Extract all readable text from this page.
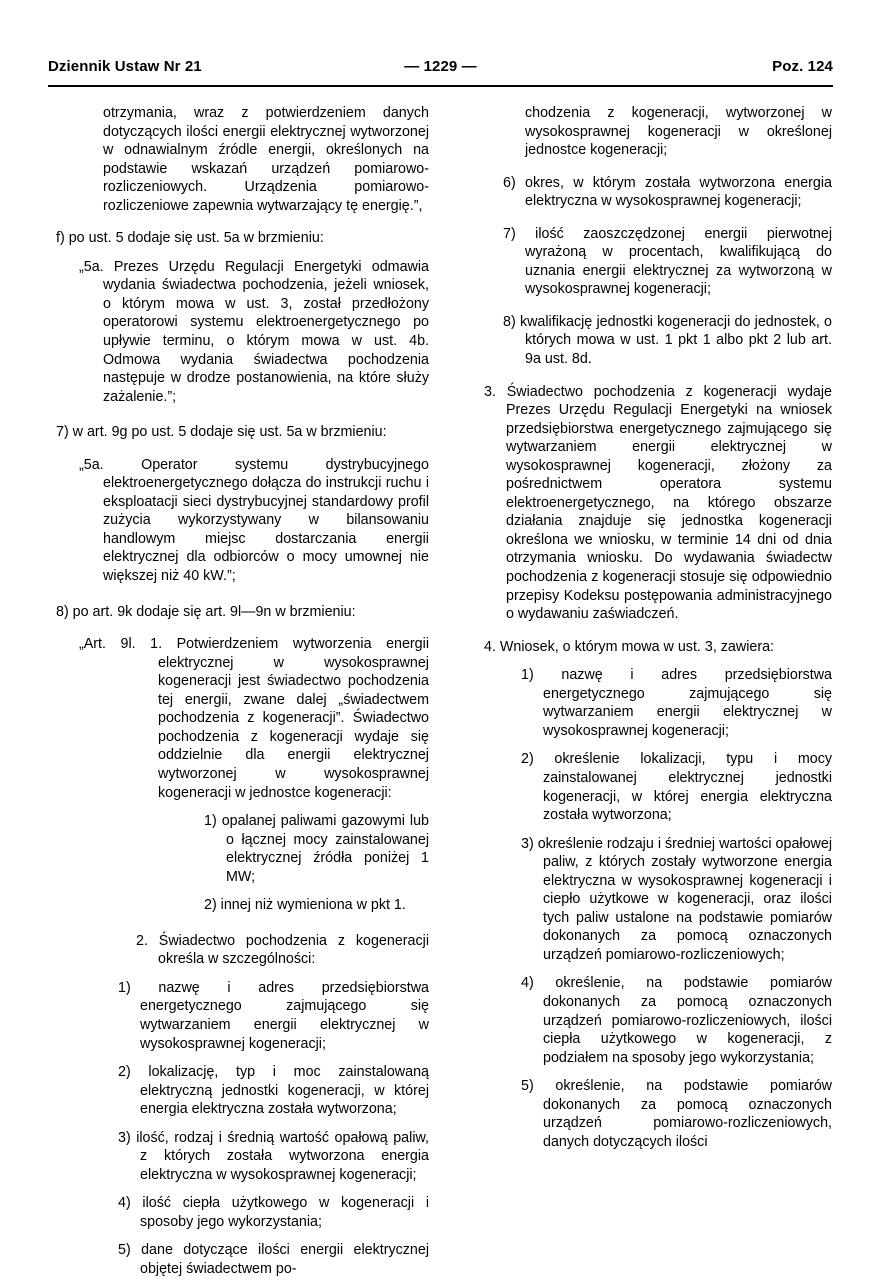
Dziennik Ustaw Nr 21	— 1229 —	Poz. 124

otrzymania, wraz z potwierdzeniem danych dotyczących ilości energii elektrycznej wytworzonej w odnawialnym źródle energii, określonych na podstawie wskazań urządzeń pomiarowo-rozliczeniowych. Urządzenia pomiarowo-rozliczeniowe zapewnia wytwarzający tę energię.”,

f) po ust. 5 dodaje się ust. 5a w brzmieniu:

„5a. Prezes Urzędu Regulacji Energetyki odmawia wydania świadectwa pochodzenia, jeżeli wniosek, o którym mowa w ust. 3, został przedłożony operatorowi systemu elektroenergetycznego po upływie terminu, o którym mowa w ust. 4b. Odmowa wydania świadectwa pochodzenia następuje w drodze postanowienia, na które służy zażalenie.”;

7) w art. 9g po ust. 5 dodaje się ust. 5a w brzmieniu:

„5a. Operator systemu dystrybucyjnego elektroenergetycznego dołącza do instrukcji ruchu i eksploatacji sieci dystrybucyjnej standardowy profil zużycia wykorzystywany w bilansowaniu handlowym miejsc dostarczania energii elektrycznej dla odbiorców o mocy umownej nie większej niż 40 kW.”;

8) po art. 9k dodaje się art. 9l—9n w brzmieniu:

„Art. 9l. 1. Potwierdzeniem wytworzenia energii elektrycznej w wysokosprawnej kogeneracji jest świadectwo pochodzenia tej energii, zwane dalej „świadectwem pochodzenia z kogeneracji”. Świadectwo pochodzenia z kogeneracji wydaje się oddzielnie dla energii elektrycznej wytworzonej w wysokosprawnej kogeneracji w jednostce kogeneracji:

1) opalanej paliwami gazowymi lub o łącznej mocy zainstalowanej elektrycznej źródła poniżej 1 MW;

2) innej niż wymieniona w pkt 1.

2. Świadectwo pochodzenia z kogeneracji określa w szczególności:

1) nazwę i adres przedsiębiorstwa energetycznego zajmującego się wytwarzaniem energii elektrycznej w wysokosprawnej kogeneracji;

2) lokalizację, typ i moc zainstalowaną elektryczną jednostki kogeneracji, w której energia elektryczna została wytworzona;

3) ilość, rodzaj i średnią wartość opałową paliw, z których została wytworzona energia elektryczna w wysokosprawnej kogeneracji;

4) ilość ciepła użytkowego w kogeneracji i sposoby jego wykorzystania;

5) dane dotyczące ilości energii elektrycznej objętej świadectwem po-

chodzenia z kogeneracji, wytworzonej w wysokosprawnej kogeneracji w określonej jednostce kogeneracji;

6) okres, w którym została wytworzona energia elektryczna w wysokosprawnej kogeneracji;

7) ilość zaoszczędzonej energii pierwotnej wyrażoną w procentach, kwalifikującą do uznania energii elektrycznej za wytworzoną w wysokosprawnej kogeneracji;

8) kwalifikację jednostki kogeneracji do jednostek, o których mowa w ust. 1 pkt 1 albo pkt 2 lub art. 9a ust. 8d.

3. Świadectwo pochodzenia z kogeneracji wydaje Prezes Urzędu Regulacji Energetyki na wniosek przedsiębiorstwa energetycznego zajmującego się wytwarzaniem energii elektrycznej w wysokosprawnej kogeneracji, złożony za pośrednictwem operatora systemu elektroenergetycznego, na którego obszarze działania znajduje się jednostka kogeneracji określona we wniosku, w terminie 14 dni od dnia otrzymania wniosku. Do wydawania świadectw pochodzenia z kogeneracji stosuje się odpowiednio przepisy Kodeksu postępowania administracyjnego o wydawaniu zaświadczeń.

4. Wniosek, o którym mowa w ust. 3, zawiera:

1) nazwę i adres przedsiębiorstwa energetycznego zajmującego się wytwarzaniem energii elektrycznej w wysokosprawnej kogeneracji;

2) określenie lokalizacji, typu i mocy zainstalowanej elektrycznej jednostki kogeneracji, w której energia elektryczna została wytworzona;

3) określenie rodzaju i średniej wartości opałowej paliw, z których zostały wytworzone energia elektryczna w wysokosprawnej kogeneracji i ciepło użytkowe w kogeneracji, oraz ilości tych paliw ustalone na podstawie pomiarów dokonanych za pomocą oznaczonych urządzeń pomiarowo-rozliczeniowych;

4) określenie, na podstawie pomiarów dokonanych za pomocą oznaczonych urządzeń pomiarowo-rozliczeniowych, ilości ciepła użytkowego w kogeneracji, z podziałem na sposoby jego wykorzystania;

5) określenie, na podstawie pomiarów dokonanych za pomocą oznaczonych urządzeń pomiarowo-rozliczeniowych, danych dotyczących ilości
